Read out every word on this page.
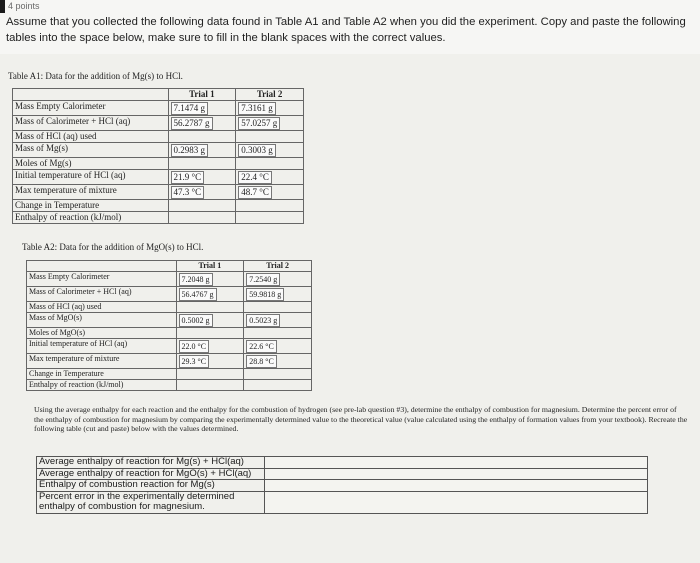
4 points
Assume that you collected the following data found in Table A1 and Table A2 when you did the experiment. Copy and paste the following tables into the space below, make sure to fill in the blank spaces with the correct values.
Table A1: Data for the addition of Mg(s) to HCl.
	Trial 1	Trial 2
Mass Empty Calorimeter	7.1474 g	7.3161 g
Mass of Calorimeter + HCl (aq)	56.2787 g	57.0257 g
Mass of HCl (aq) used		
Mass of Mg(s)	0.2983 g	0.3003 g
Moles of Mg(s)		
Initial temperature of HCl (aq)	21.9 °C	22.4 °C
Max temperature of mixture	47.3 °C	48.7 °C
Change in Temperature		
Enthalpy of reaction (kJ/mol)		
Table A2: Data for the addition of MgO(s) to HCl.
	Trial 1	Trial 2
Mass Empty Calorimeter	7.2048 g	7.2540 g
Mass of Calorimeter + HCl (aq)	56.4767 g	59.9818 g
Mass of HCl (aq) used		
Mass of MgO(s)	0.5002 g	0.5023 g
Moles of MgO(s)		
Initial temperature of HCl (aq)	22.0 °C	22.6 °C
Max temperature of mixture	29.3 °C	28.8 °C
Change in Temperature		
Enthalpy of reaction (kJ/mol)		
Using the average enthalpy for each reaction and the enthalpy for the combustion of hydrogen (see pre-lab question #3), determine the enthalpy of combustion for magnesium. Determine the percent error of the enthalpy of combustion for magnesium by comparing the experimentally determined value to the theoretical value (value calculated using the enthalpy of formation values from your textbook). Recreate the following table (cut and paste) below with the values determined.
Average enthalpy of reaction for Mg(s) + HCl(aq)	
Average enthalpy of reaction for MgO(s) + HCl(aq)	
Enthalpy of combustion reaction for Mg(s)	
Percent error in the experimentally determined enthalpy of combustion for magnesium.	
